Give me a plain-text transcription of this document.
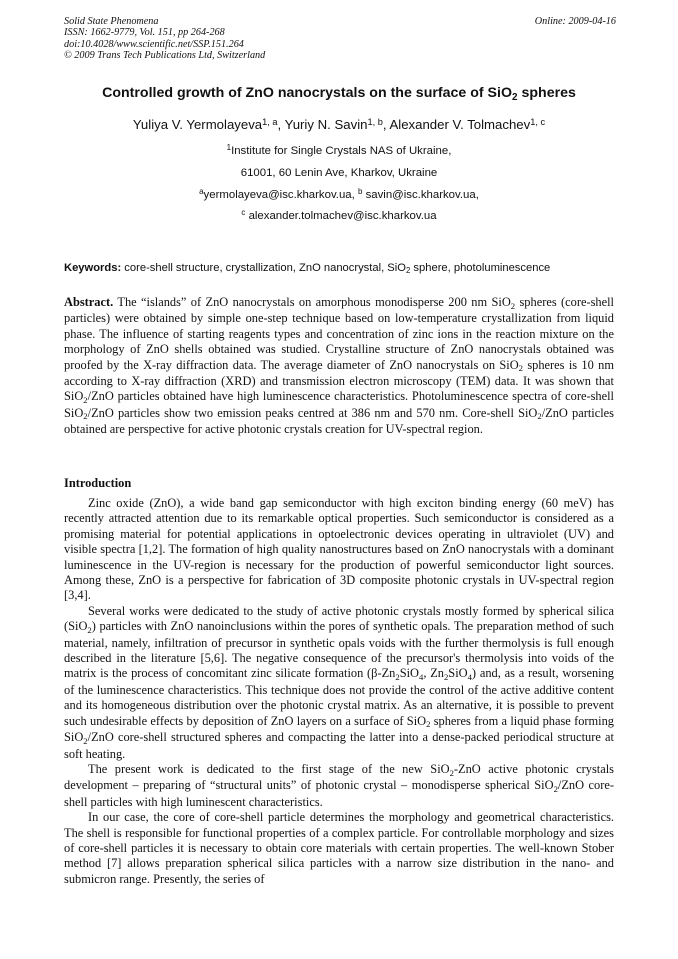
Solid State Phenomena
ISSN: 1662-9779, Vol. 151, pp 264-268
doi:10.4028/www.scientific.net/SSP.151.264
© 2009 Trans Tech Publications Ltd, Switzerland
Online: 2009-04-16
Controlled growth of ZnO nanocrystals on the surface of SiO$_2$ spheres
Yuliya V. Yermolayeva$^{1, a}$, Yuriy N. Savin$^{1, b}$, Alexander V. Tolmachev$^{1, c}$
$^1$Institute for Single Crystals NAS of Ukraine,
61001, 60 Lenin Ave, Kharkov, Ukraine
$^a$yermolayeva@isc.kharkov.ua, $^b$ savin@isc.kharkov.ua,
$^c$ alexander.tolmachev@isc.kharkov.ua
Keywords: core-shell structure, crystallization, ZnO nanocrystal, SiO$_2$ sphere, photoluminescence

Abstract. The “islands” of ZnO nanocrystals on amorphous monodisperse 200 nm SiO$_2$ spheres (core-shell particles) were obtained by simple one-step technique based on low-temperature crystallization from liquid phase. The influence of starting reagents types and concentration of zinc ions in the reaction mixture on the morphology of ZnO shells obtained was studied. Crystalline structure of ZnO nanocrystals obtained was proofed by the X-ray diffraction data. The average diameter of ZnO nanocrystals on SiO$_2$ spheres is 10 nm according to X-ray diffraction (XRD) and transmission electron microscopy (TEM) data. It was shown that SiO$_2$/ZnO particles obtained have high luminescence characteristics. Photoluminescence spectra of core-shell SiO$_2$/ZnO particles show two emission peaks centred at 386 nm and 570 nm. Core-shell SiO$_2$/ZnO particles obtained are perspective for active photonic crystals creation for UV-spectral region.

Introduction

Zinc oxide (ZnO), a wide band gap semiconductor with high exciton binding energy (60 meV) has recently attracted attention due to its remarkable optical properties. Such semiconductor is considered as a promising material for potential applications in optoelectronic devices operating in ultraviolet (UV) and visible spectra [1,2]. The formation of high quality nanostructures based on ZnO nanocrystals with a dominant luminescence in the UV-region is necessary for the production of powerful semiconductor light sources. Among these, ZnO is a perspective for fabrication of 3D composite photonic crystals in UV-spectral region [3,4].

Several works were dedicated to the study of active photonic crystals mostly formed by spherical silica (SiO$_2$) particles with ZnO nanoinclusions within the pores of synthetic opals. The preparation method of such material, namely, infiltration of precursor in synthetic opals voids with the further thermolysis is full enough described in the literature [5,6]. The negative consequence of the precursor's thermolysis into voids of the matrix is the process of concomitant zinc silicate formation ($\beta-Zn_2SiO_4$, $Zn_2SiO_4$) and, as a result, worsening of the luminescence characteristics. This technique does not provide the control of the active additive content and its homogeneous distribution over the photonic crystal matrix. As an alternative, it is possible to prevent such undesirable effects by deposition of ZnO layers on a surface of SiO$_2$ spheres from a liquid phase forming SiO$_2$/ZnO core-shell structured spheres and compacting the latter into a dense-packed periodical structure at soft heating.

The present work is dedicated to the first stage of the new SiO$_2$-ZnO active photonic crystals development – preparing of “structural units” of photonic crystal – monodisperse spherical SiO$_2$/ZnO core-shell particles with high luminescent characteristics.

In our case, the core of core-shell particle determines the morphology and geometrical characteristics. The shell is responsible for functional properties of a complex particle. For controllable morphology and sizes of core-shell particles it is necessary to obtain core materials with certain properties. The well-known Stober method [7] allows preparation spherical silica particles with a narrow size distribution in the nano- and submicron range. Presently, the series of
